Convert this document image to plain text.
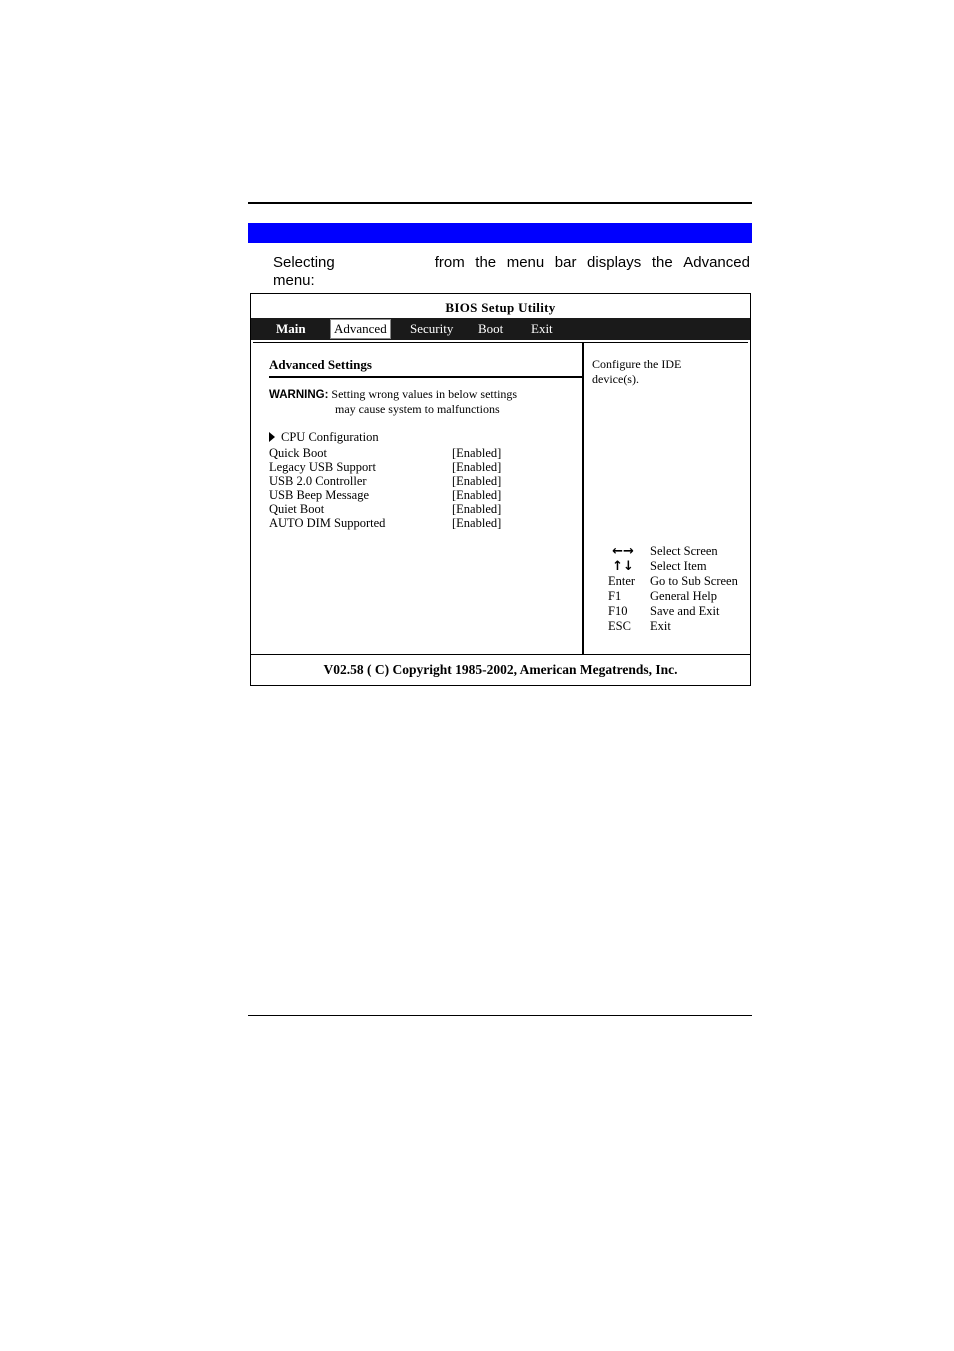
Selecting	from the menu bar displays the Advanced
menu:
BIOS Setup Utility
Main	Advanced	Security Boot Exit
Advanced Settings
WARNING: Setting wrong values in below settings
may cause system to malfunctions
CPU Configuration
Quick Boot	[Enabled]
Legacy USB Support	[Enabled]
USB 2.0 Controller	[Enabled]
USB Beep Message	[Enabled]
Quiet Boot	[Enabled]
AUTO DIM Supported	[Enabled]
Configure the IDE
device(s).
←→	Select Screen
↑↓	Select Item
Enter	Go to Sub Screen
F1	General Help
F10	Save and Exit
ESC	Exit
V02.58 ( C) Copyright 1985-2002, American Megatrends, Inc.
